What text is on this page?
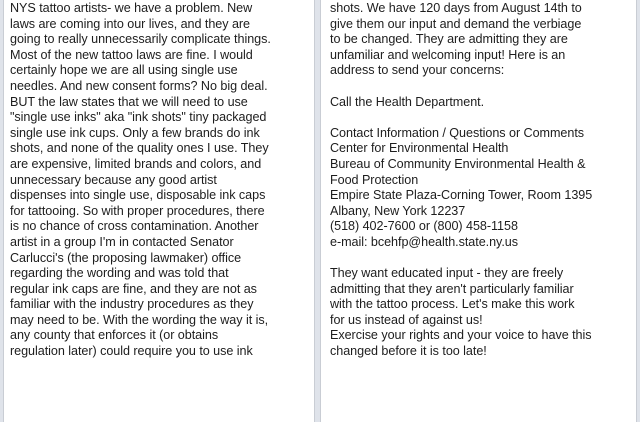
NYS tattoo artists- we have a problem. New
laws are coming into our lives, and they are
going to really unnecessarily complicate things.
Most of the new tattoo laws are fine. I would
certainly hope we are all using single use
needles. And new consent forms? No big deal.
BUT the law states that we will need to use
"single use inks" aka "ink shots" tiny packaged
single use ink cups. Only a few brands do ink
shots, and none of the quality ones I use. They
are expensive, limited brands and colors, and
unnecessary because any good artist
dispenses into single use, disposable ink caps
for tattooing. So with proper procedures, there
is no chance of cross contamination. Another
artist in a group I'm in contacted Senator
Carlucci's (the proposing lawmaker) office
regarding the wording and was told that
regular ink caps are fine, and they are not as
familiar with the industry procedures as they
may need to be. With the wording the way it is,
any county that enforces it (or obtains
regulation later) could require you to use ink
shots. We have 120 days from August 14th to
give them our input and demand the verbiage
to be changed. They are admitting they are
unfamiliar and welcoming input! Here is an
address to send your concerns:
Call the Health Department.
Contact Information / Questions or Comments
Center for Environmental Health
Bureau of Community Environmental Health &
Food Protection
Empire State Plaza-Corning Tower, Room 1395
Albany, New York 12237
(518) 402-7600 or (800) 458-1158
e-mail: bcehfp@health.state.ny.us
They want educated input - they are freely
admitting that they aren't particularly familiar
with the tattoo process. Let's make this work
for us instead of against us!
Exercise your rights and your voice to have this
changed before it is too late!
